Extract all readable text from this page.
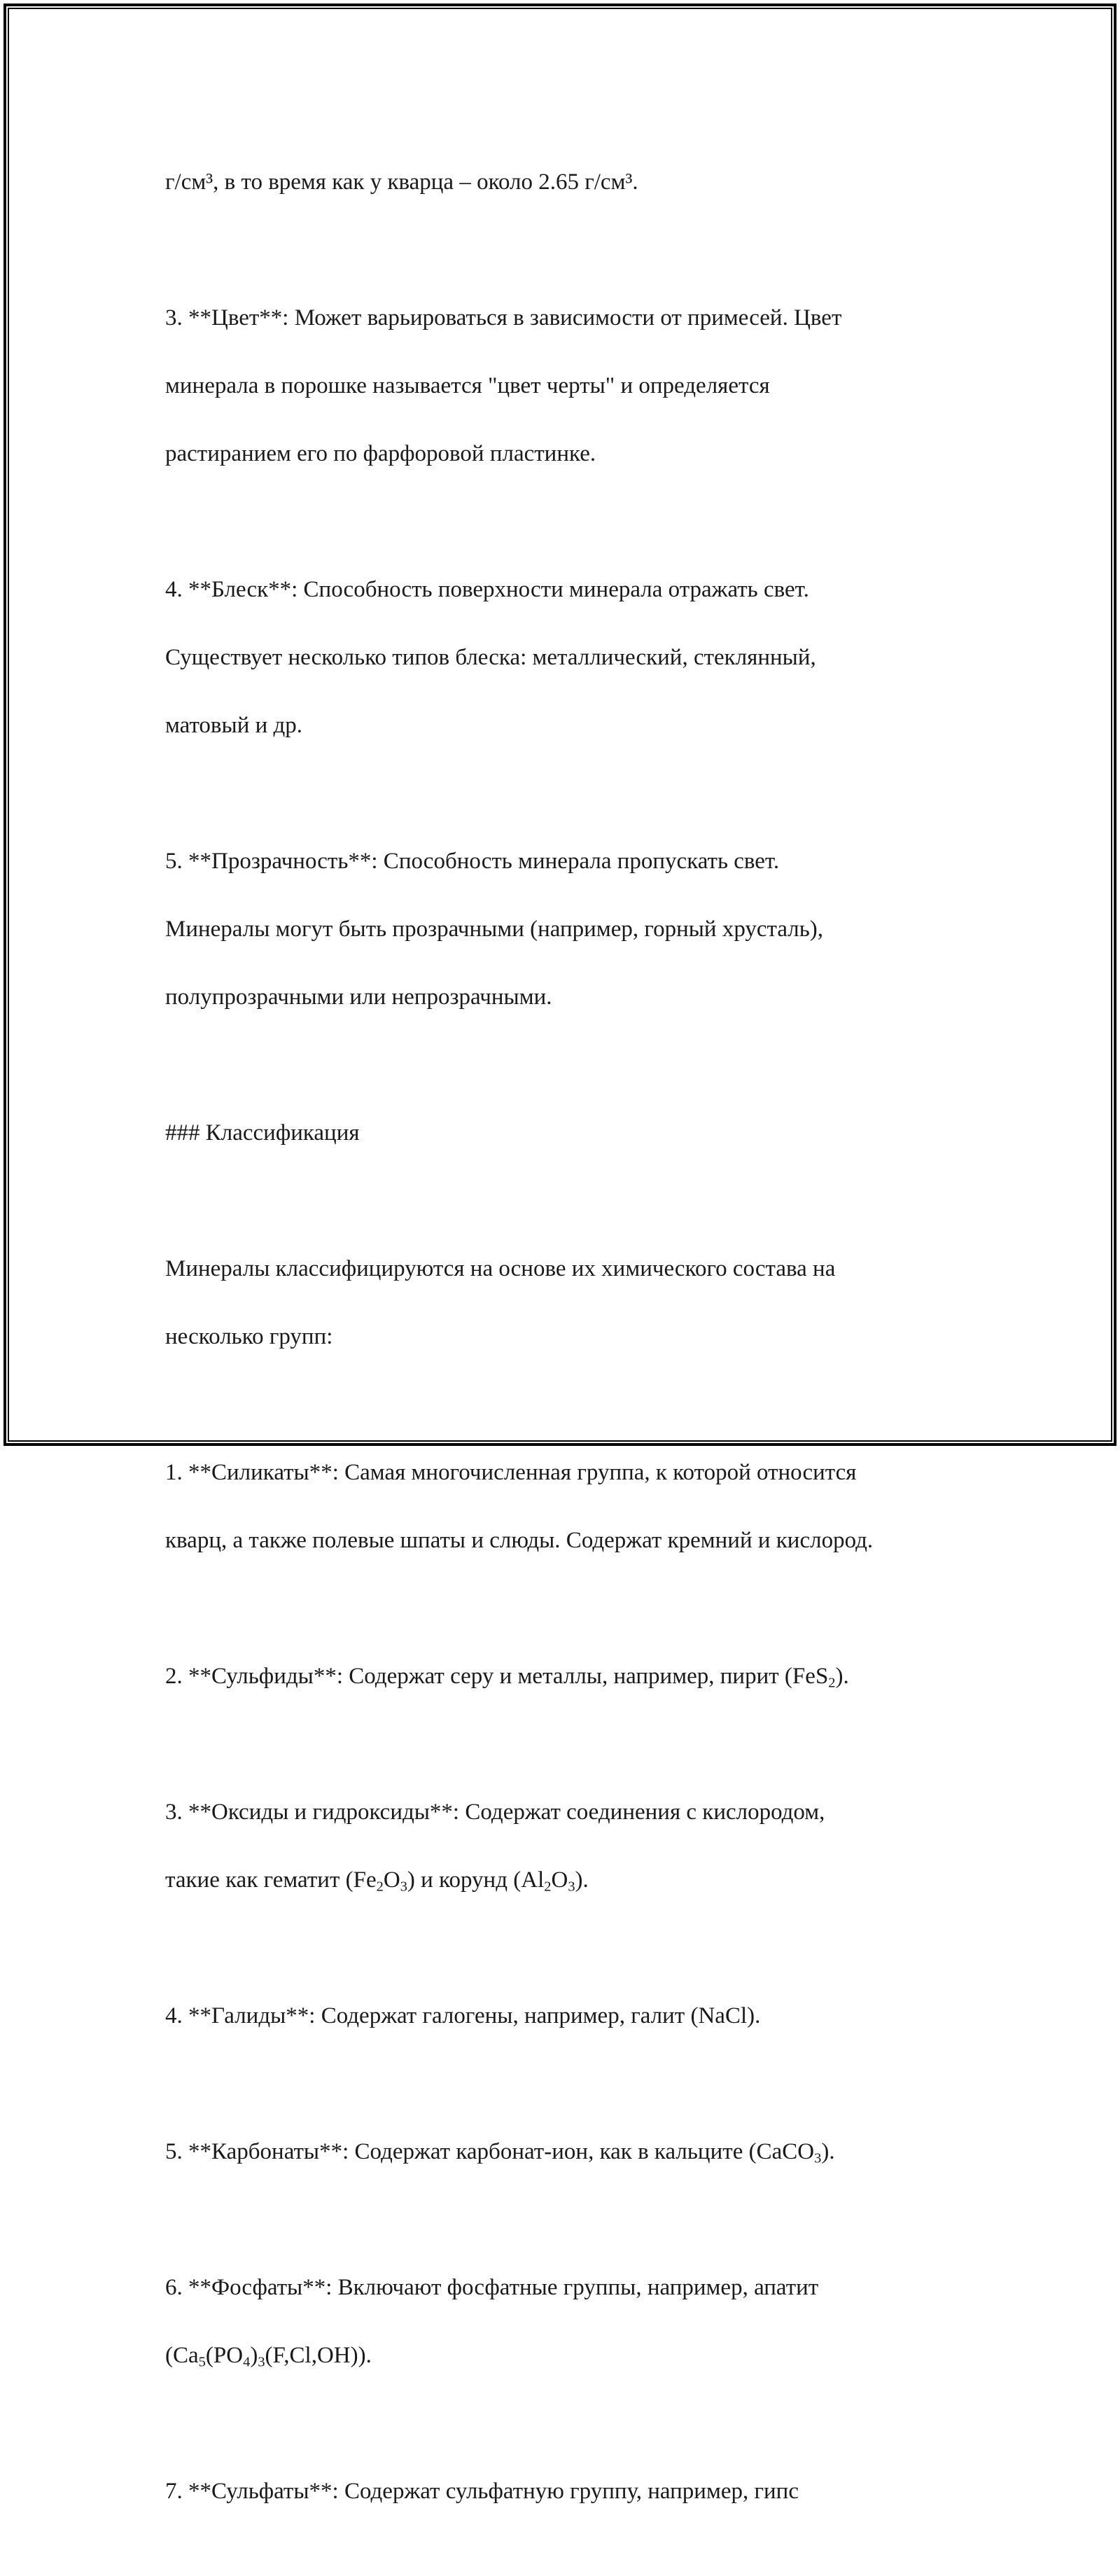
г/см³, в то время как у кварца – около 2.65 г/см³.

3. **Цвет**: Может варьироваться в зависимости от примесей. Цвет

минерала в порошке называется "цвет черты" и определяется

растиранием его по фарфоровой пластинке.

4. **Блеск**: Способность поверхности минерала отражать свет.

Существует несколько типов блеска: металлический, стеклянный,

матовый и др.

5. **Прозрачность**: Способность минерала пропускать свет.

Минералы могут быть прозрачными (например, горный хрусталь),

полупрозрачными или непрозрачными.

### Классификация

Минералы классифицируются на основе их химического состава на

несколько групп:

1. **Силикаты**: Самая многочисленная группа, к которой относится

кварц, а также полевые шпаты и слюды. Содержат кремний и кислород.

2. **Сульфиды**: Содержат серу и металлы, например, пирит (FeS$_2$).

3. **Оксиды и гидроксиды**: Содержат соединения с кислородом,

такие как гематит $(Fe_2O_3)$ и корунд $(Al_2O_3)$.

4. **Галиды**: Содержат галогены, например, галит (NaCl).

5. **Карбонаты**: Содержат карбонат-ион, как в кальците (CaCO$_3$).

6. **Фосфаты**: Включают фосфатные группы, например, апатит

$(Ca_5(PO_4)_3(F,Cl,OH))$.

7. **Сульфаты**: Содержат сульфатную группу, например, гипс
